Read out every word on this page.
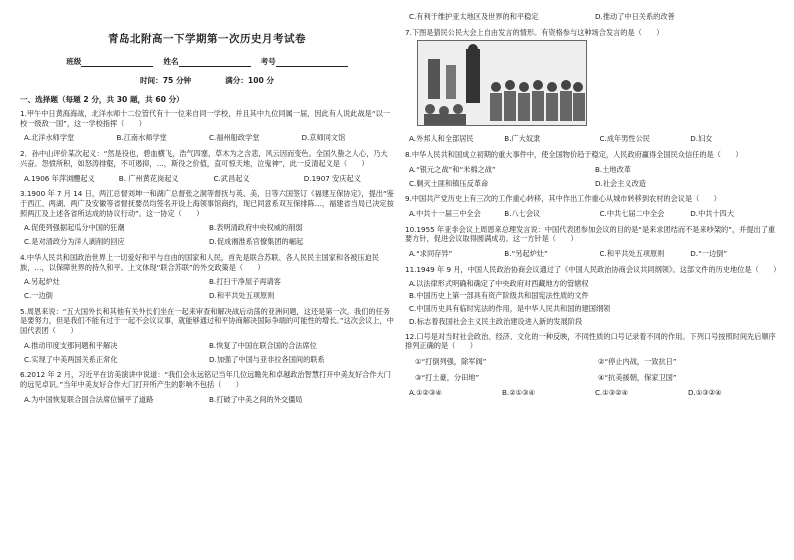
青岛北附高一下学期第一次历史月考试卷
班级	姓名	考号
时间：75 分钟	满分：100 分
一、选择题（每题 2 分，共 30 题，共 60 分）
1.甲午中日黄海海战，北洋水师十二位管代有十一位来自同一学校，并且其中九位同属一届，因此有人说此战是“以一校一级敌一国”，这一学校指挥（　　）
A.北洋水师学堂	B.江南水师学堂	C.福州船政学堂	D.京师同文馆
2．孙中山评价某次起义：“然是役也，碧血横飞，浩气四塞，草木为之含悲，风云因而变色。全国久蛰之人心，乃大兴奋。怨愤所积，如怒涛排壑，不可遏抑，…，斯役之价值，直可惊天地，泣鬼神”，此一反清起义是（　　）
A.1906 年萍浏醴起义	B. 广州黄花岗起义	C.武昌起义	D.1907 安庆起义
3.1900 年 7 月 14 日，两江总督刘坤一和湖广总督张之洞等督抚与英、美、日等六国签订《福建互保协定》，提出“鉴于西江、两湖、两广及安徽等省督抚要员均签名开设上海领事馆商约，现已同意系双互保排陈…，福建省当局已决定按照两江及上述各省所达成的协议行动”。这一协定（　　）
A.促使列强据起瓜分中国的狂潮	B.表明清政府中央权威的削弱
C.是对清政分为洋人剥削的回应	D.促成湘淮系官僚集团的崛起
4.中华人民共和国政治世界上一切爱好和平与自由的国家和人民，首先是联合苏联、各人民民主国家和各被压迫民族，…，以保障世界的持久和平。上文体现“联合苏联”的外交政策是（　　）
A.另起炉灶	B.打扫干净屋子再请客
C.一边倒	D.和平共处五项原则
5.周恩来说：“五大国外长和其他有关外长们坐在一起来审查和解决战后动荡的亚洲问题，这还是第一次。我们的任务是要努力，但是我们不能有过于一起不会议议事，就能够通过和平协商解决国际争端的可能性的增长。”这次会议上，中国代表团（　　）
A.推动印度支那问题和平解决	B.恢复了中国在联合国的合法席位
C.实现了中美两国关系正常化	D.加强了中国与亚非拉各国间的联系
6.2012 年 2 月，习近平在访美演讲中说道：“我们会永远铭记当年几位远瞻先和卓越政治智慧打开中美友好合作大门的远见卓识。”当年中美友好合作大门打开所产生的影响不包括（　　）
A.为中国恢复联合国合法席位铺平了道路	B.打破了中美之间的外交僵局
C.有利于维护亚太地区及世界的和平稳定	D.推动了中日关系的改善
7.下图是猜民公民大会上自由发言的情形。有资格参与这种场合发言的是（　　）
A.外邦人和全部居民	B.广大奴隶	C.成年男性公民	D.妇女
8.中华人民共和国成立初期的重大事件中，使全国物价趋于稳定，人民政府赢得全国民众信任的是（　　）
A.“银元之战”和“米棉之战”	B.土地改革
C.剿灭土匪和镇压反革命	D.社会主义改造
9.中国共产党历史上有三次的工作重心转移，其中作出工作重心从城市转移到农村的会议是（　　）
A.中共十一届三中全会	B.八七会议	C.中共七届二中全会	D.中共十四大
10.1955 年亚非会议上周恩来总理发言说：中国代表团参加会议的目的是“是来求团结而不是来吵架的”，并提出了重要方针，促进会议取得圆满成功。这一方针是（　　）
A.“求同存异”	B.“另起炉灶”	C.和平共处五项原则	D.“一边倒”
11.1949 年 9 月，中国人民政治协商会议通过了《中国人民政治协商会议共同纲领》。这部文件的历史地位是（　　）
A.以法律形式明确和确定了中央政府对西藏地方的管辖权
B.中国历史上第一部具有资产阶级共和国宪法性质的文件
C.中国历史具有临时宪法的作用，是中华人民共和国的建国纲领
D.标志着我国社会主义民主政治建设进入新的发展阶段
12.口号是对当时社会政治、经济、文化的一种反映，不同性质的口号记录着不同的作用。下列口号按照时间先后顺序排列正确的是（　　）
①“打倒列强，除军阀”	②“停止内战，一致抗日”
③“打土豪，分田地”	④“抗美援朝，保家卫国”
A.①②③④	B.②①③④	C.①③②④	D.①③②④
